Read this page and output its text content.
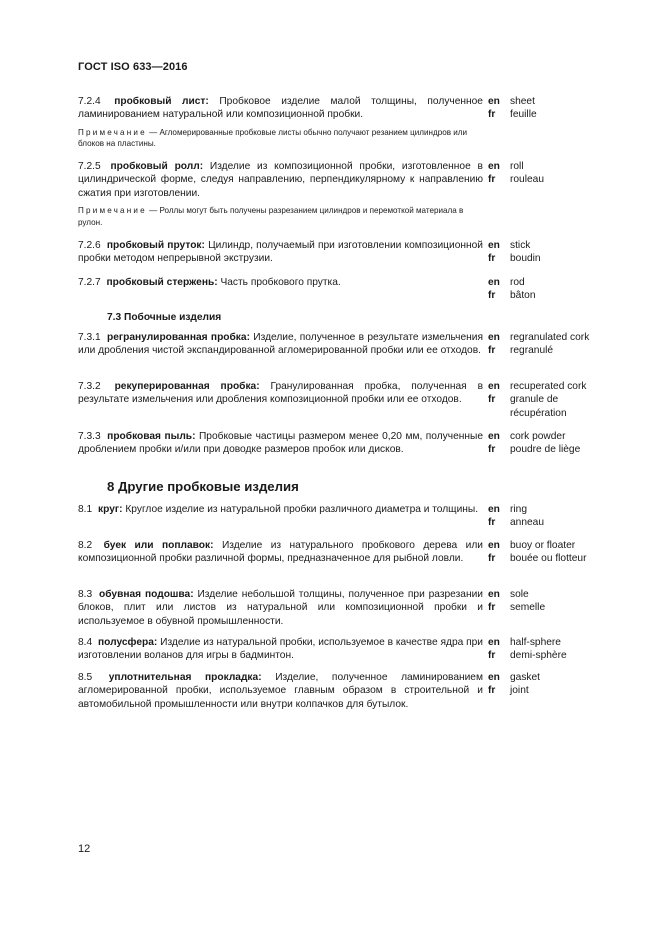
ГОСТ ISO 633—2016
7.2.4 пробковый лист: Пробковое изделие малой толщины, полученное ламинированием натуральной или композиционной пробки.
en
fr
sheet
feuille
Примечание — Агломерированные пробковые листы обычно получают резанием цилиндров или блоков на пластины.
7.2.5 пробковый ролл: Изделие из композиционной пробки, изготовленное в цилиндрической форме, следуя направлению, перпендикулярному к направлению сжатия при изготовлении.
en
fr
roll
rouleau
Примечание — Роллы могут быть получены разрезанием цилиндров и перемоткой материала в рулон.
7.2.6 пробковый пруток: Цилиндр, получаемый при изготовлении композиционной пробки методом непрерывной экструзии.
en
fr
stick
boudin
7.2.7 пробковый стержень: Часть пробкового прутка.	en
fr
rod
bâton
7.3 Побочные изделия
7.3.1 регранулированная пробка: Изделие, полученное в результате измельчения или дробления чистой экспандированной агломерированной пробки или ее отходов.
en
fr
regranulated cork
regranulé
7.3.2 рекуперированная пробка: Гранулированная пробка, полученная в результате измельчения или дробления композиционной пробки или ее отходов.
en
fr
recuperated cork
granule de récupération
7.3.3 пробковая пыль: Пробковые частицы размером менее 0,20 мм, полученные дроблением пробки и/или при доводке размеров пробок или дисков.
en
fr
cork powder
poudre de liège
8 Другие пробковые изделия
8.1 круг: Круглое изделие из натуральной пробки различного диаметра и толщины. en
fr
ring
anneau
8.2 буек или поплавок: Изделие из натурального пробкового дерева или композиционной пробки различной формы, предназначенное для рыбной ловли.
en
fr
buoy or floater
bouée ou flotteur
8.3 обувная подошва: Изделие небольшой толщины, полученное при разрезании блоков, плит или листов из натуральной или композиционной пробки и используемое в обувной промышленности.
en
fr
sole
semelle
8.4 полусфера: Изделие из натуральной пробки, используемое в качестве ядра при изготовлении воланов для игры в бадминтон.
en
fr
half-sphere
demi-sphère
8.5 уплотнительная прокладка: Изделие, полученное ламинированием агломерированной пробки, используемое главным образом в строительной и автомобильной промышленности или внутри колпачков для бутылок.
en
fr
gasket
joint
12
